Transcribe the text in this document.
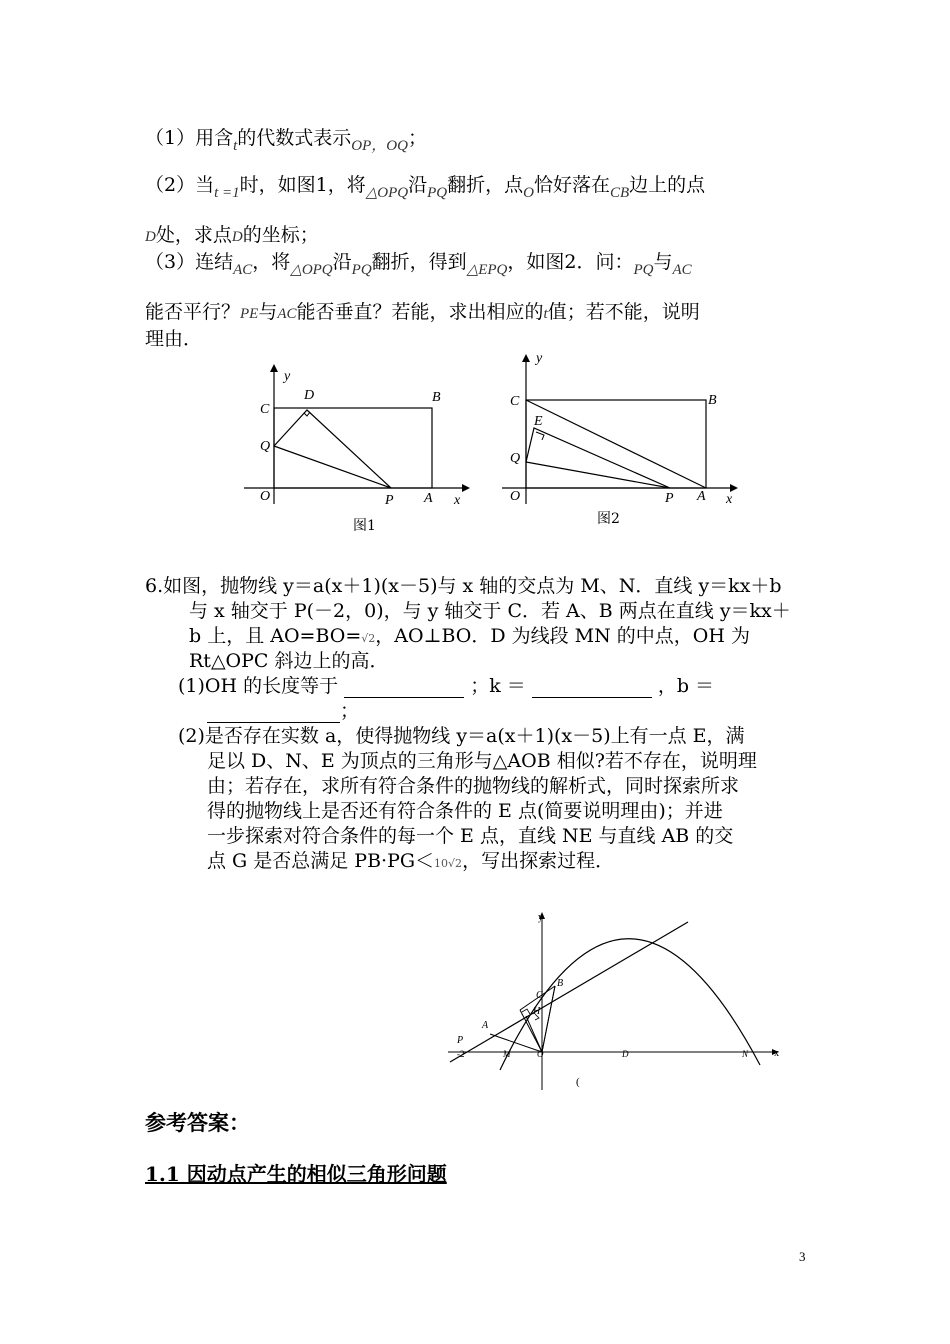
（1）用含$_t$的代数式表示$_{OP,OQ}$；
（2）当$_{t =1}$时，如图1，将$_{\triangle OPQ}$沿$_{PQ}$翻折，点$_O$恰好落在$_{CB}$边上的点
D处，求点D的坐标；
（3）连结$_{AC}$，将$_{\triangle OPQ}$沿$_{PQ}$翻折，得到$_{\triangle EPQ}$，如图2．问：$_{PQ}$与$_{AC}$
能否平行？PE与AC能否垂直？若能，求出相应的t值；若不能，说明
理由．
y
x
O
C
B
D
Q
P A
图1
y
x
O
C	B
E
Q
P A
图2
6.如图，抛物线 y＝a(x＋1)(x－5)与 x 轴的交点为 M、N．直线 y＝kx＋b
与 x 轴交于 P(－2，0)，与 y 轴交于 C．若 A、B 两点在直线 y＝kx＋
b 上，且 AO=BO=√2，AO⊥BO．D 为线段 MN 的中点，OH 为
Rt△OPC 斜边上的高．
(1)OH 的长度等于	；k ＝	，b ＝
；
(2)是否存在实数 a，使得抛物线 y＝a(x＋1)(x－5)上有一点 E，满
足以 D、N、E 为顶点的三角形与△AOB 相似?若不存在，说明理
由；若存在，求所有符合条件的抛物线的解析式，同时探索所求
得的抛物线上是否还有符合条件的 E 点(简要说明理由)；并进
一步探索对符合条件的每一个 E 点，直线 NE 与直线 AB 的交
点 G 是否总满足 PB·PG＜10√2，写出探索过程．
y
x
B
C
H
A
P
-2	M	O	D	N
(
参考答案：
1.1 因动点产生的相似三角形问题
3
